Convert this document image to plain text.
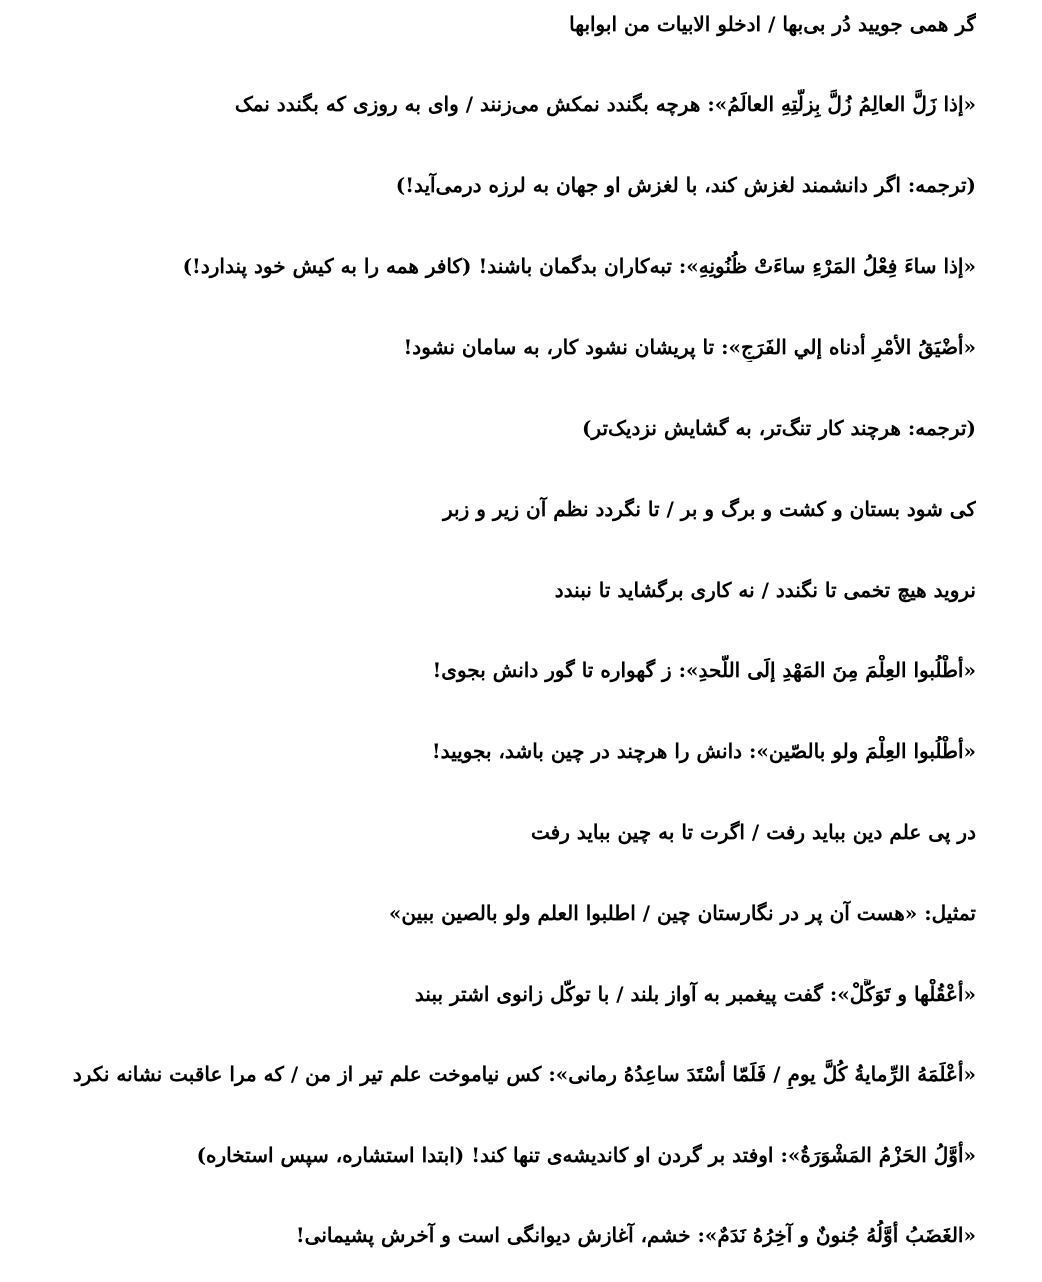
گر همی جویید دُر بی‌بها / ادخلو الابیات من ابوابها
«إذا زَلَّ العالِمُ زُلَّ بِزلَّتِهِ العالَمُ»: هرچه بگندد نمکش می‌زنند / وای به روزی که بگندد نمک
(ترجمه: اگر دانشمند لغزش کند، با لغزش او جهان به لرزه درمی‌آید!)
«إذا ساءَ فِعْلُ المَرْءِ ساءَتْ ظُنُونِهِ»: تبه‌کاران بدگمان باشند! (کافر همه را به کیش خود پندارد!)
«أضْيَقُ الأمْرِ أدناه إلي الفَرَجِ»: تا پریشان نشود کار، به سامان نشود!
(ترجمه: هرچند کار تنگ‌تر، به گشایش نزدیک‌تر)
کی شود بستان و کشت و برگ و بر / تا نگردد نظم آن زیر و زبر
نروید هیچ تخمی تا نگندد / نه کاری برگشاید تا نبندد
«أطْلُبوا العِلْمَ مِنَ المَهْدِ إلَی اللَّحدِ»: ز گهواره تا گور دانش بجوی!
«أطْلُبوا العِلْمَ ولو بالصّین»: دانش را هرچند در چین باشد، بجویید!
در پی علم دین بباید رفت / اگرت تا به چین بباید رفت
تمثیل: «هست آن پر در نگارستان چین / اطلبوا العلم ولو بالصین ببین»
«أعْقُلْها و تَوَکَّلْ»: گفت پیغمبر به آواز بلند / با توکّل زانوی اشتر ببند
«أعْلَمَهُ الرِّمایةُ کُلَّ یومٍ / فَلَمّا أسْتَدَ ساعِدُهُ رمانی»: کس نیاموخت علم تیر از من / که مرا عاقبت نشانه نکرد
«أوَّلُ الحَزْمُ المَشْوَرَةُ»: اوفتد بر گردن او کاندیشه‌ی تنها کند! (ابتدا استشاره، سپس استخاره)
«الغَضَبُ أوَّلُهُ جُنونٌ و آخِرُهُ نَدَمٌ»: خشم، آغازش دیوانگی است و آخرش پشیمانی!
